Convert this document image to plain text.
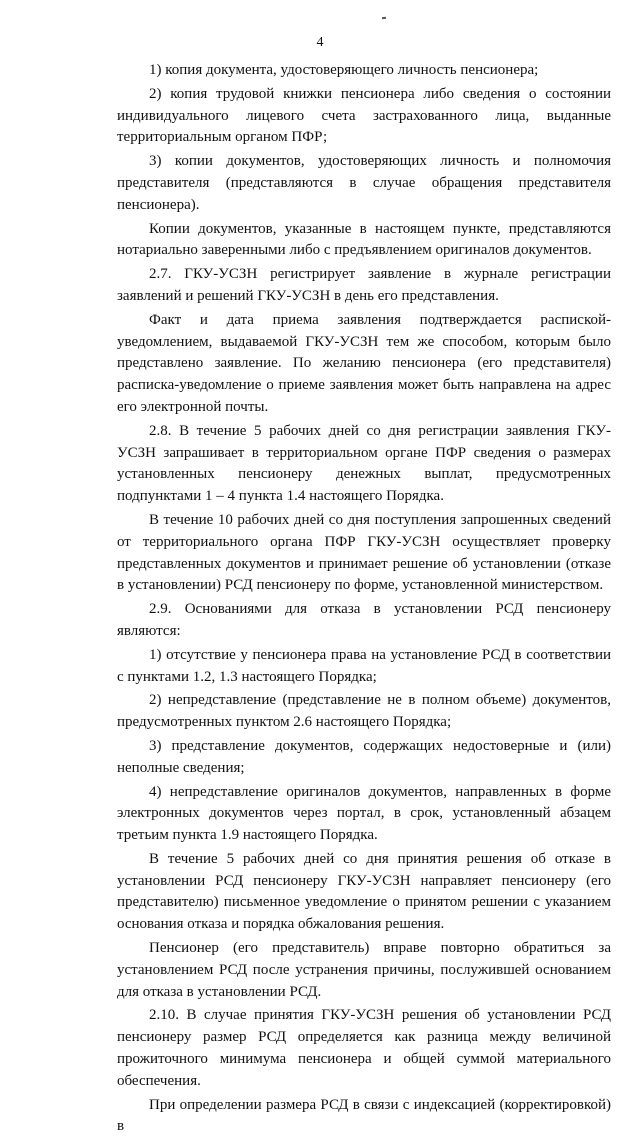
4

1) копия документа, удостоверяющего личность пенсионера;

2) копия трудовой книжки пенсионера либо сведения о состоянии индивидуального лицевого счета застрахованного лица, выданные территориальным органом ПФР;

3) копии документов, удостоверяющих личность и полномочия представителя (представляются в случае обращения представителя пенсионера).

Копии документов, указанные в настоящем пункте, представляются нотариально заверенными либо с предъявлением оригиналов документов.

2.7. ГКУ-УСЗН регистрирует заявление в журнале регистрации заявлений и решений ГКУ-УСЗН в день его представления.

Факт и дата приема заявления подтверждается распиской-уведомлением, выдаваемой ГКУ-УСЗН тем же способом, которым было представлено заявление. По желанию пенсионера (его представителя) расписка-уведомление о приеме заявления может быть направлена на адрес его электронной почты.

2.8. В течение 5 рабочих дней со дня регистрации заявления ГКУ-УСЗН запрашивает в территориальном органе ПФР сведения о размерах установленных пенсионеру денежных выплат, предусмотренных подпунктами 1 – 4 пункта 1.4 настоящего Порядка.

В течение 10 рабочих дней со дня поступления запрошенных сведений от территориального органа ПФР ГКУ-УСЗН осуществляет проверку представленных документов и принимает решение об установлении (отказе в установлении) РСД пенсионеру по форме, установленной министерством.

2.9. Основаниями для отказа в установлении РСД пенсионеру являются:

1) отсутствие у пенсионера права на установление РСД в соответствии с пунктами 1.2, 1.3 настоящего Порядка;

2) непредставление (представление не в полном объеме) документов, предусмотренных пунктом 2.6 настоящего Порядка;

3) представление документов, содержащих недостоверные и (или) неполные сведения;

4) непредставление оригиналов документов, направленных в форме электронных документов через портал, в срок, установленный абзацем третьим пункта 1.9 настоящего Порядка.

В течение 5 рабочих дней со дня принятия решения об отказе в установлении РСД пенсионеру ГКУ-УСЗН направляет пенсионеру (его представителю) письменное уведомление о принятом решении с указанием основания отказа и порядка обжалования решения.

Пенсионер (его представитель) вправе повторно обратиться за установлением РСД после устранения причины, послужившей основанием для отказа в установлении РСД.

2.10. В случае принятия ГКУ-УСЗН решения об установлении РСД пенсионеру размер РСД определяется как разница между величиной прожиточного минимума пенсионера и общей суммой материального обеспечения.

При определении размера РСД в связи с индексацией (корректировкой) в
